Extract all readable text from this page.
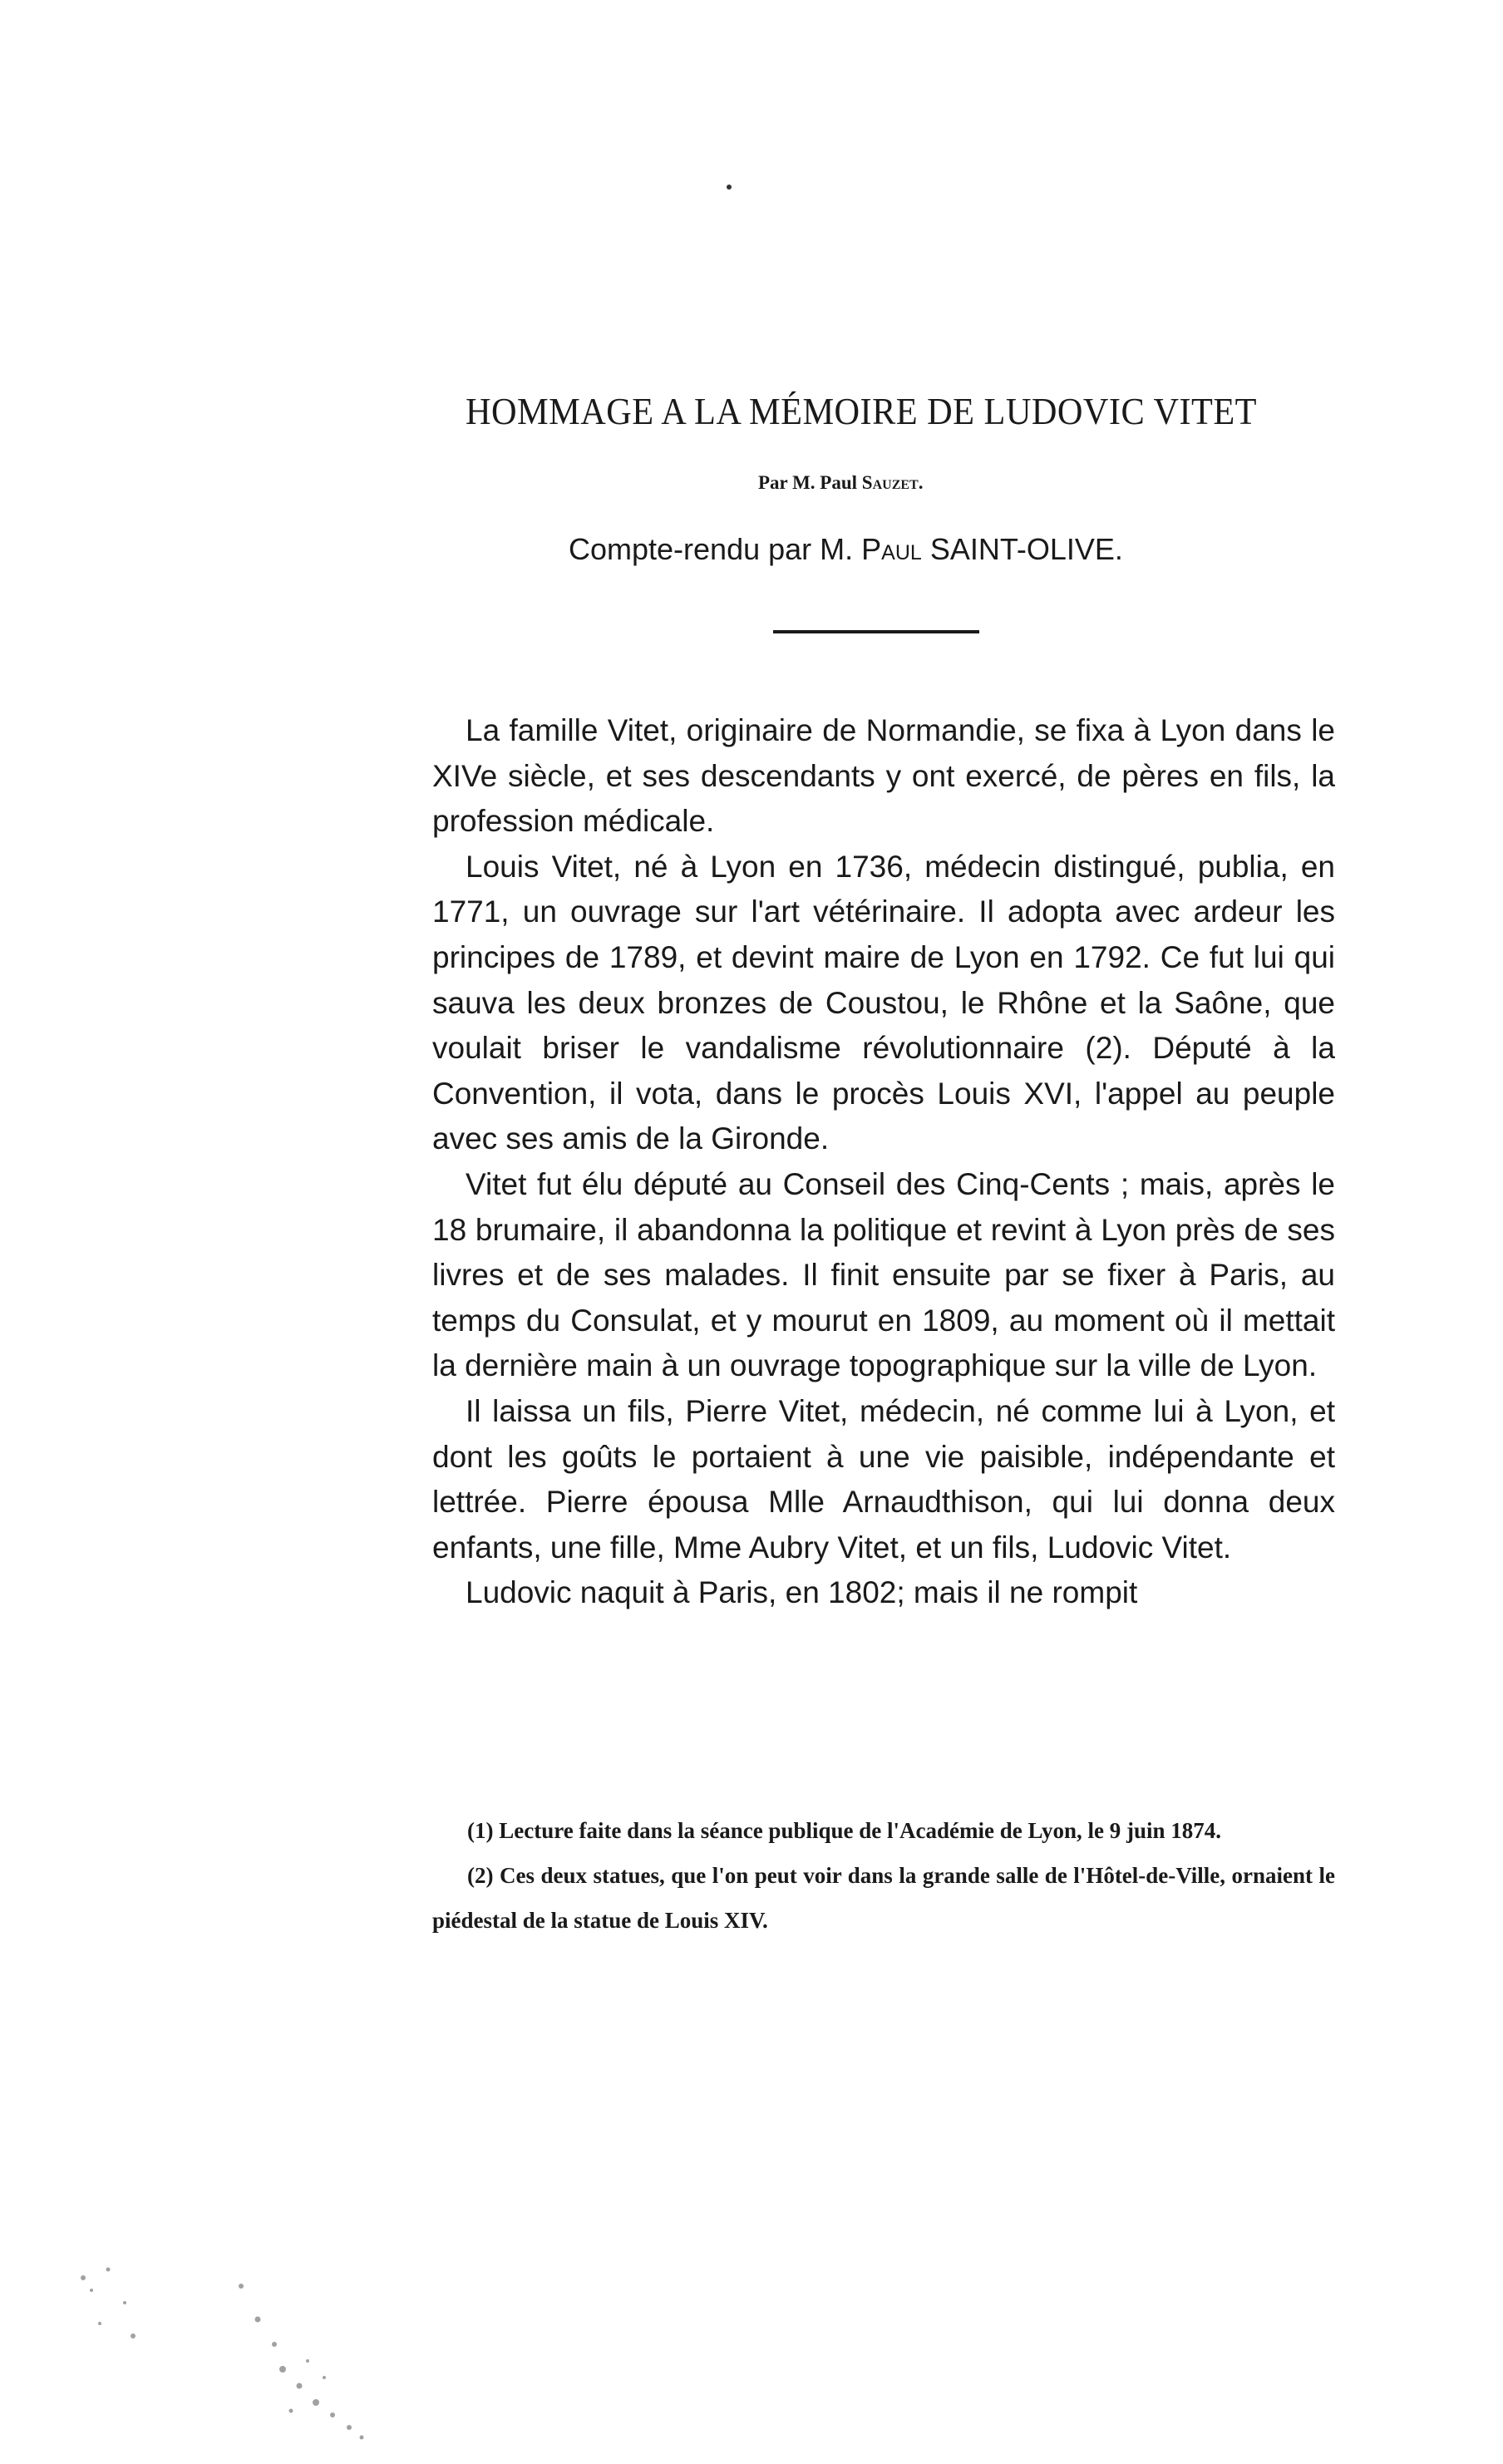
HOMMAGE A LA MÉMOIRE DE LUDOVIC VITET
Par M. Paul Sauzet.
Compte-rendu par M. Paul SAINT-OLIVE.

La famille Vitet, originaire de Normandie, se fixa à Lyon dans le XIVe siècle, et ses descendants y ont exercé, de pères en fils, la profession médicale.

Louis Vitet, né à Lyon en 1736, médecin distingué, publia, en 1771, un ouvrage sur l'art vétérinaire. Il adopta avec ardeur les principes de 1789, et devint maire de Lyon en 1792. Ce fut lui qui sauva les deux bronzes de Coustou, le Rhône et la Saône, que voulait briser le vandalisme révolutionnaire (2). Député à la Convention, il vota, dans le procès Louis XVI, l'appel au peuple avec ses amis de la Gironde.

Vitet fut élu député au Conseil des Cinq-Cents ; mais, après le 18 brumaire, il abandonna la politique et revint à Lyon près de ses livres et de ses malades. Il finit ensuite par se fixer à Paris, au temps du Consulat, et y mourut en 1809, au moment où il mettait la dernière main à un ouvrage topographique sur la ville de Lyon.

Il laissa un fils, Pierre Vitet, médecin, né comme lui à Lyon, et dont les goûts le portaient à une vie paisible, indépendante et lettrée. Pierre épousa Mlle Arnaudthison, qui lui donna deux enfants, une fille, Mme Aubry Vitet, et un fils, Ludovic Vitet.

Ludovic naquit à Paris, en 1802; mais il ne rompit

(1) Lecture faite dans la séance publique de l'Académie de Lyon, le 9 juin 1874.

(2) Ces deux statues, que l'on peut voir dans la grande salle de l'Hôtel-de-Ville, ornaient le piédestal de la statue de Louis XIV.
